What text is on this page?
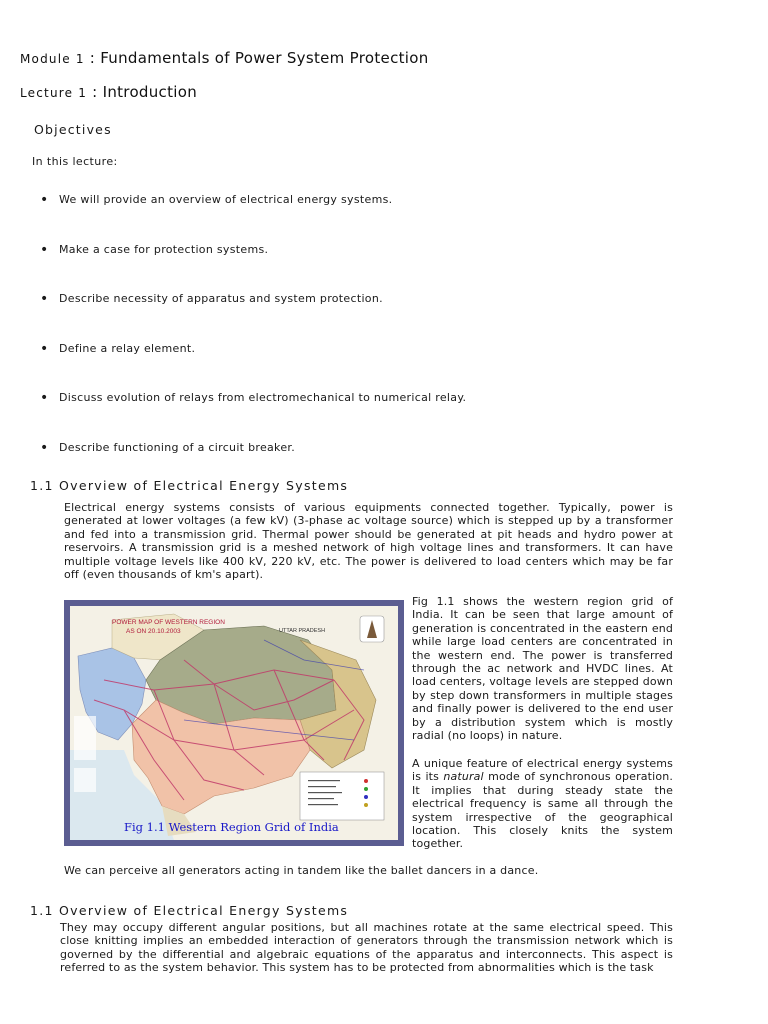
Module 1 : Fundamentals of Power System Protection
Lecture 1 : Introduction
Objectives
In this lecture:
• We will provide an overview of electrical energy systems.
• Make a case for protection systems.
• Describe necessity of apparatus and system protection.
• Define a relay element.
• Discuss evolution of relays from electromechanical to numerical relay.
• Describe functioning of a circuit breaker.
1.1 Overview of Electrical Energy Systems
Electrical energy systems consists of various equipments connected together. Typically, power is generated at lower voltages (a few kV) (3-phase ac voltage source) which is stepped up by a transformer and fed into a transmission grid. Thermal power should be generated at pit heads and hydro power at reservoirs. A transmission grid is a meshed network of high voltage lines and transformers. It can have multiple voltage levels like 400 kV, 220 kV, etc. The power is delivered to load centers which may be far off (even thousands of km's apart).
POWER MAP OF WESTERN REGION
AS ON 20.10.2003	UTTAR PRADESH
Fig 1.1 Western Region Grid of India
Fig 1.1 shows the western region grid of India. It can be seen that large amount of generation is concentrated in the eastern end while large load centers are concentrated in the western end. The power is transferred through the ac network and HVDC lines. At load centers, voltage levels are stepped down by step down transformers in multiple stages and finally power is delivered to the end user by a distribution system which is mostly radial (no loops) in nature.
A unique feature of electrical energy systems is its natural mode of synchronous operation. It implies that during steady state the electrical frequency is same all through the system irrespective of the geographical location. This closely knits the system together.
We can perceive all generators acting in tandem like the ballet dancers in a dance.
1.1 Overview of Electrical Energy Systems
They may occupy different angular positions, but all machines rotate at the same electrical speed. This close knitting implies an embedded interaction of generators through the transmission network which is governed by the differential and algebraic equations of the apparatus and interconnects. This aspect is referred to as the system behavior. This system has to be protected from abnormalities which is the task
